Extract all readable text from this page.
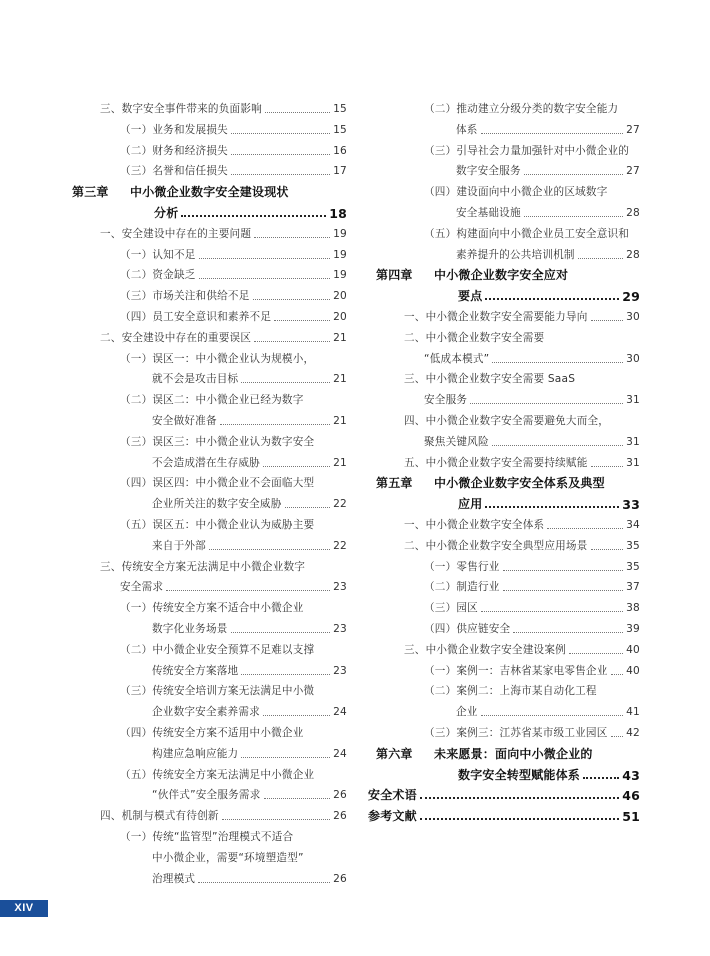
三、数字安全事件带来的负面影响	15
（一）业务和发展损失	15
（二）财务和经济损失	16
（三）名誉和信任损失	17
第三章	中小微企业数字安全建设现状
分析	18
一、安全建设中存在的主要问题	19
（一）认知不足	19
（二）资金缺乏	19
（三）市场关注和供给不足	20
（四）员工安全意识和素养不足	20
二、安全建设中存在的重要误区	21
（一）误区一：中小微企业认为规模小，
就不会是攻击目标	21
（二）误区二：中小微企业已经为数字
安全做好准备	21
（三）误区三：中小微企业认为数字安全
不会造成潜在生存威胁	21
（四）误区四：中小微企业不会面临大型
企业所关注的数字安全威胁	22
（五）误区五：中小微企业认为威胁主要
来自于外部	22
三、传统安全方案无法满足中小微企业数字
安全需求	23
（一）传统安全方案不适合中小微企业
数字化业务场景	23
（二）中小微企业安全预算不足难以支撑
传统安全方案落地	23
（三）传统安全培训方案无法满足中小微
企业数字安全素养需求	24
（四）传统安全方案不适用中小微企业
构建应急响应能力	24
（五）传统安全方案无法满足中小微企业
“伙伴式”安全服务需求	26
四、机制与模式有待创新	26
（一）传统“监管型”治理模式不适合
中小微企业，需要“环境塑造型”
治理模式	26
（二）推动建立分级分类的数字安全能力
体系	27
（三）引导社会力量加强针对中小微企业的
数字安全服务	27
（四）建设面向中小微企业的区域数字
安全基础设施	28
（五）构建面向中小微企业员工安全意识和
素养提升的公共培训机制	28
第四章	中小微企业数字安全应对
要点	29
一、中小微企业数字安全需要能力导向	30
二、中小微企业数字安全需要
“低成本模式”	30
三、中小微企业数字安全需要 SaaS
安全服务	31
四、中小微企业数字安全需要避免大而全，
聚焦关键风险	31
五、中小微企业数字安全需要持续赋能	31
第五章	中小微企业数字安全体系及典型
应用	33
一、中小微企业数字安全体系	34
二、中小微企业数字安全典型应用场景	35
（一）零售行业	35
（二）制造行业	37
（三）园区	38
（四）供应链安全	39
三、中小微企业数字安全建设案例	40
（一）案例一：吉林省某家电零售企业 40
（二）案例二：上海市某自动化工程
企业	41
（三）案例三：江苏省某市级工业园区 42
第六章	未来愿景：面向中小微企业的
数字安全转型赋能体系	43
安全术语	46
参考文献	51
XIV
